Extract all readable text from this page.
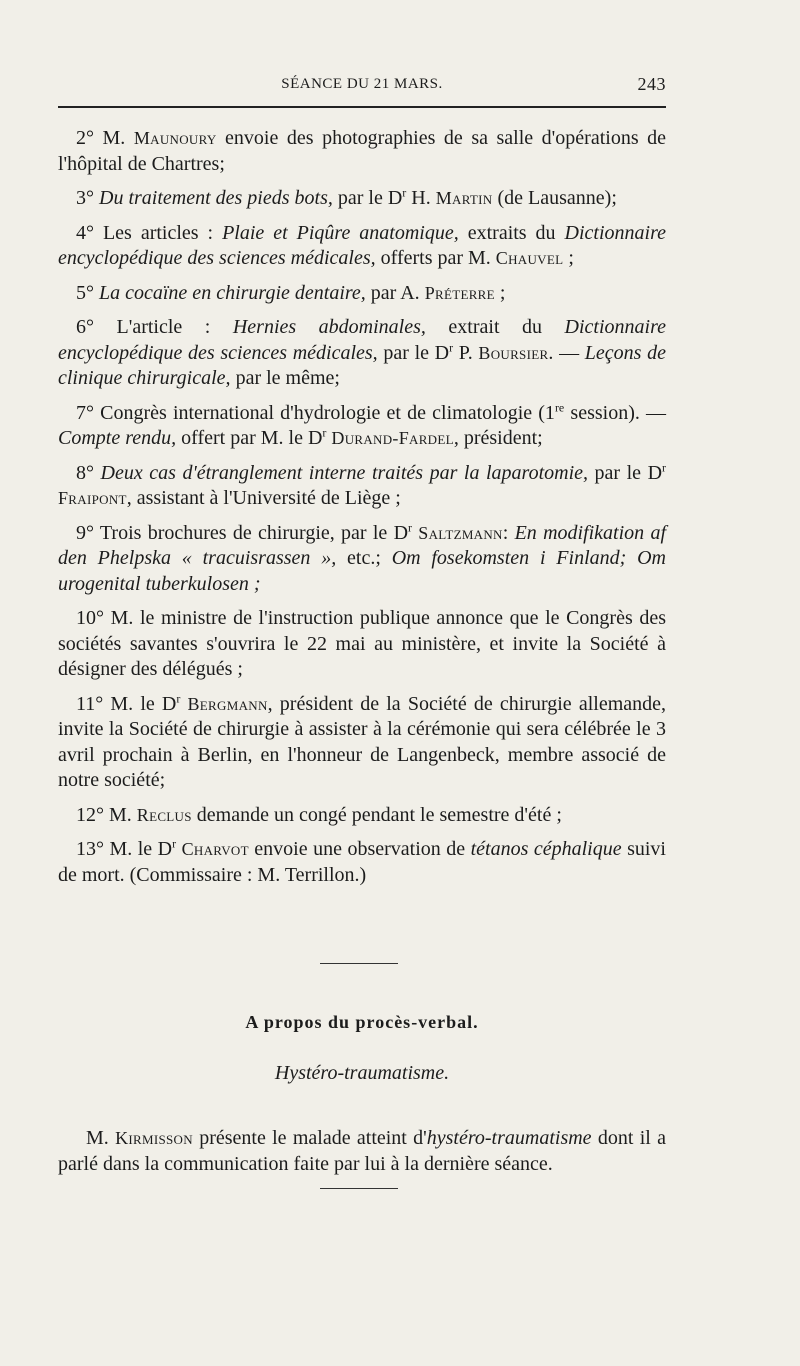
SÉANCE DU 21 MARS.	243

2° M. Maunoury envoie des photographies de sa salle d'opérations de l'hôpital de Chartres;

3° Du traitement des pieds bots, par le $D^r$ H. Martin (de Lausanne);

4° Les articles : Plaie et Piqûre anatomique, extraits du Dictionnaire encyclopédique des sciences médicales, offerts par M. Chauvel ;

5° La cocaïne en chirurgie dentaire, par A. Préterre ;

6° L'article : Hernies abdominales, extrait du Dictionnaire encyclopédique des sciences médicales, par le $D^r$ P. Boursier. — Leçons de clinique chirurgicale, par le même;

7° Congrès international d'hydrologie et de climatologie (1re session). — Compte rendu, offert par M. le $D^r$ Durand-Fardel, président;

8° Deux cas d'étranglement interne traités par la laparotomie, par le $D^r$ Fraipont, assistant à l'Université de Liège ;

9° Trois brochures de chirurgie, par le $D^r$ Saltzmann: En modifikation af den Phelpska « tracuisrassen », etc.; Om fosekomsten i Finland; Om urogenital tuberkulosen ;

10° M. le ministre de l'instruction publique annonce que le Congrès des sociétés savantes s'ouvrira le 22 mai au ministère, et invite la Société à désigner des délégués ;

11° M. le $D^r$ Bergmann, président de la Société de chirurgie allemande, invite la Société de chirurgie à assister à la cérémonie qui sera célébrée le 3 avril prochain à Berlin, en l'honneur de Langenbeck, membre associé de notre société;

12° M. Reclus demande un congé pendant le semestre d'été ;

13° M. le $D^r$ Charvot envoie une observation de tétanos céphalique suivi de mort. (Commissaire : M. Terrillon.)

A propos du procès-verbal.
Hystéro-traumatisme.

M. Kirmisson présente le malade atteint d'hystéro-traumatisme dont il a parlé dans la communication faite par lui à la dernière séance.
